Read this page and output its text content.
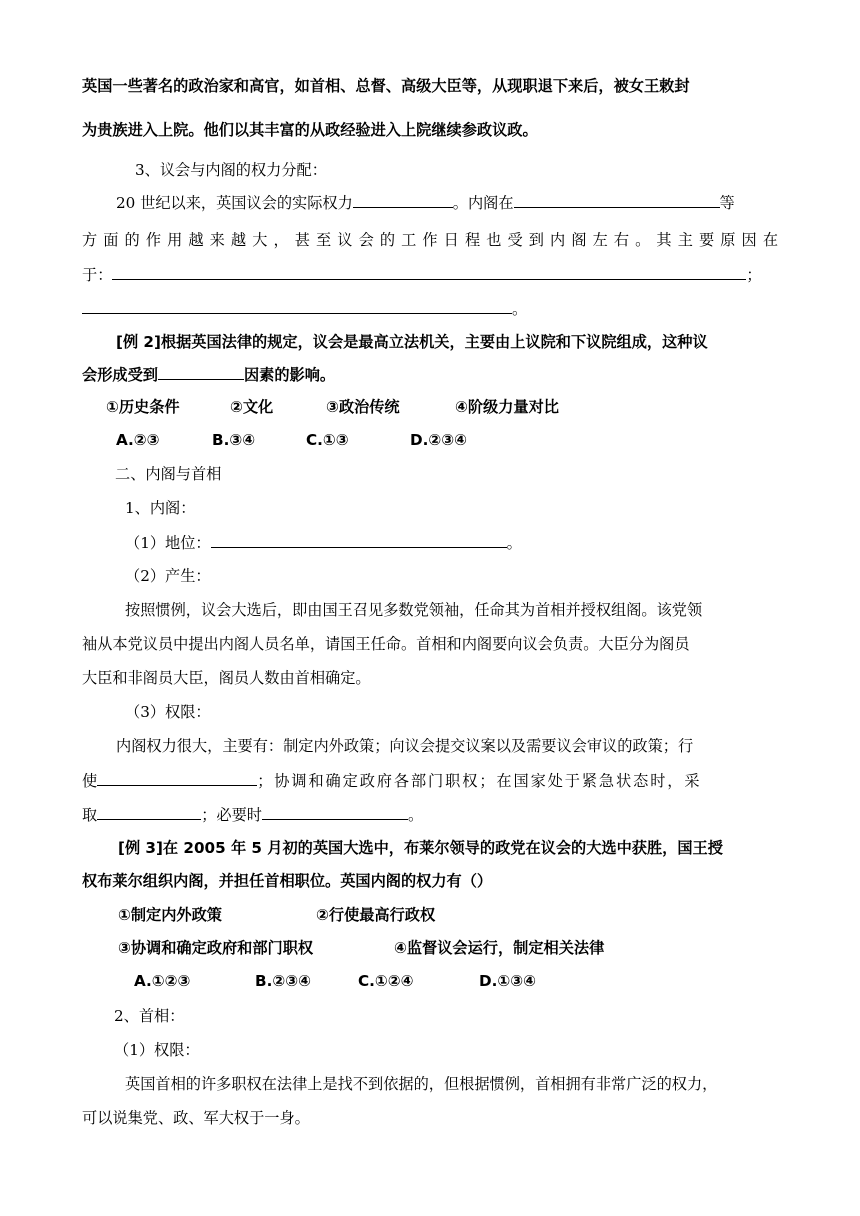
英国一些著名的政治家和高官，如首相、总督、高级大臣等，从现职退下来后，被女王敕封
为贵族进入上院。他们以其丰富的从政经验进入上院继续参政议政。
3、议会与内阁的权力分配：
20 世纪以来，英国议会的实际权力	。内阁在	等
方面的作用越来越大，甚至议会的工作日程也受到内阁左右。其主要原因在
于：	；
。
[例 2]根据英国法律的规定，议会是最高立法机关，主要由上议院和下议院组成，这种议
会形成受到	因素的影响。
①历史条件	②文化	③政治传统	④阶级力量对比
A.②③	B.③④	C.①③	D.②③④
二、内阁与首相
1、内阁：
（1）地位：	。
（2）产生：
按照惯例，议会大选后，即由国王召见多数党领袖，任命其为首相并授权组阁。该党领
袖从本党议员中提出内阁人员名单，请国王任命。首相和内阁要向议会负责。大臣分为阁员
大臣和非阁员大臣，阁员人数由首相确定。
（3）权限：
内阁权力很大，主要有：制定内外政策；向议会提交议案以及需要议会审议的政策；行
使	；协调和确定政府各部门职权；在国家处于紧急状态时，采
取	；必要时	。
[例 3]在 2005 年 5 月初的英国大选中，布莱尔领导的政党在议会的大选中获胜，国王授
权布莱尔组织内阁，并担任首相职位。英国内阁的权力有（）
①制定内外政策	②行使最高行政权
③协调和确定政府和部门职权	④监督议会运行，制定相关法律
A.①②③	B.②③④	C.①②④	D.①③④
2、首相：
（1）权限：
英国首相的许多职权在法律上是找不到依据的，但根据惯例，首相拥有非常广泛的权力，
可以说集党、政、军大权于一身。
